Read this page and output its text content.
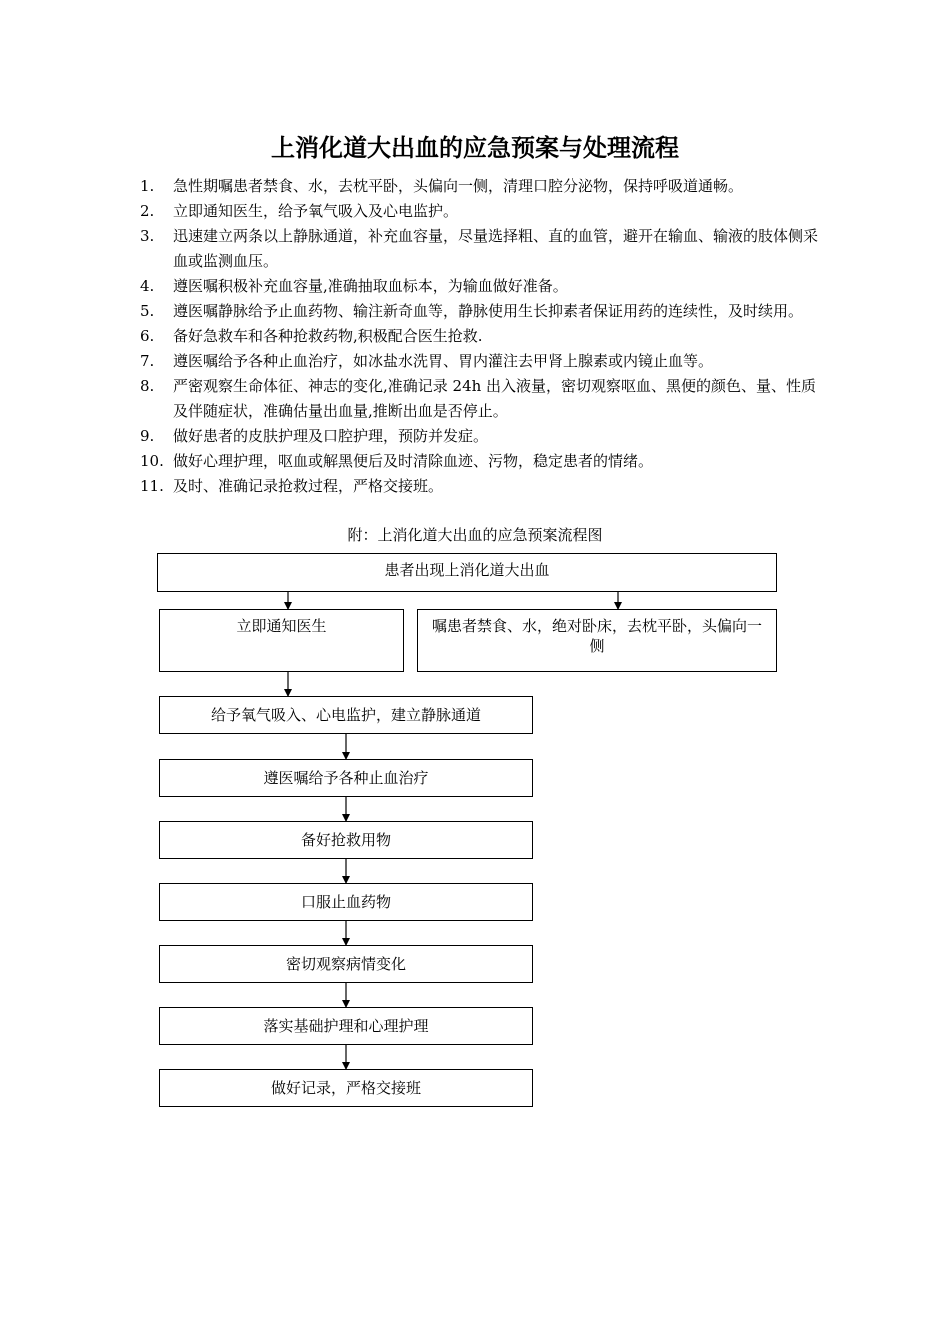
上消化道大出血的应急预案与处理流程
1.	急性期嘱患者禁食、水，去枕平卧，头偏向一侧，清理口腔分泌物，保持呼吸道通畅。
2.	立即通知医生，给予氧气吸入及心电监护。
3.	迅速建立两条以上静脉通道，补充血容量，尽量选择粗、直的血管，避开在输血、输液的肢体侧采血或监测血压。
4.	遵医嘱积极补充血容量,准确抽取血标本，为输血做好准备。
5.	遵医嘱静脉给予止血药物、输注新奇血等，静脉使用生长抑素者保证用药的连续性，及时续用。
6.	备好急救车和各种抢救药物,积极配合医生抢救.
7.	遵医嘱给予各种止血治疗，如冰盐水洗胃、胃内灌注去甲肾上腺素或内镜止血等。
8.	严密观察生命体征、神志的变化,准确记录 24h 出入液量，密切观察呕血、黑便的颜色、量、性质及伴随症状，准确估量出血量,推断出血是否停止。
9.	做好患者的皮肤护理及口腔护理，预防并发症。
10. 做好心理护理，呕血或解黑便后及时清除血迹、污物，稳定患者的情绪。
11. 及时、准确记录抢救过程，严格交接班。
附：上消化道大出血的应急预案流程图
患者出现上消化道大出血
立即通知医生	嘱患者禁食、水，绝对卧床，去枕平卧，头偏向一侧
给予氧气吸入、心电监护，建立静脉通道
遵医嘱给予各种止血治疗
备好抢救用物
口服止血药物
密切观察病情变化
落实基础护理和心理护理
做好记录，严格交接班
